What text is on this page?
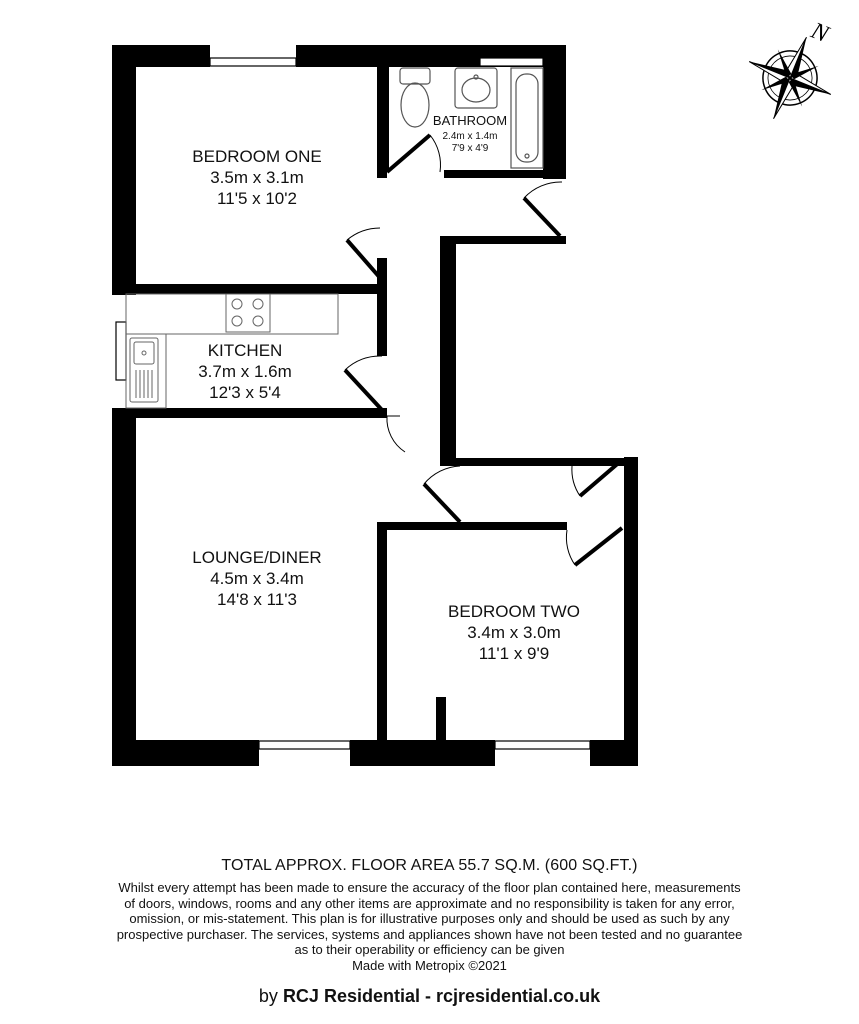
BEDROOM ONE
3.5m x 3.1m
11'5 x 10'2
BATHROOM
2.4m x 1.4m
7'9 x 4'9
KITCHEN
3.7m x 1.6m
12'3 x 5'4
LOUNGE/DINER
4.5m x 3.4m
14'8 x 11'3
BEDROOM TWO
3.4m x 3.0m
11'1 x 9'9
N
TOTAL APPROX. FLOOR AREA 55.7 SQ.M. (600 SQ.FT.)
Whilst every attempt has been made to ensure the accuracy of the floor plan contained here, measurements
of doors, windows, rooms and any other items are approximate and no responsibility is taken for any error,
omission, or mis-statement. This plan is for illustrative purposes only and should be used as such by any
prospective purchaser. The services, systems and appliances shown have not been tested and no guarantee
as to their operability or efficiency can be given
Made with Metropix ©2021
by RCJ Residential - rcjresidential.co.uk
